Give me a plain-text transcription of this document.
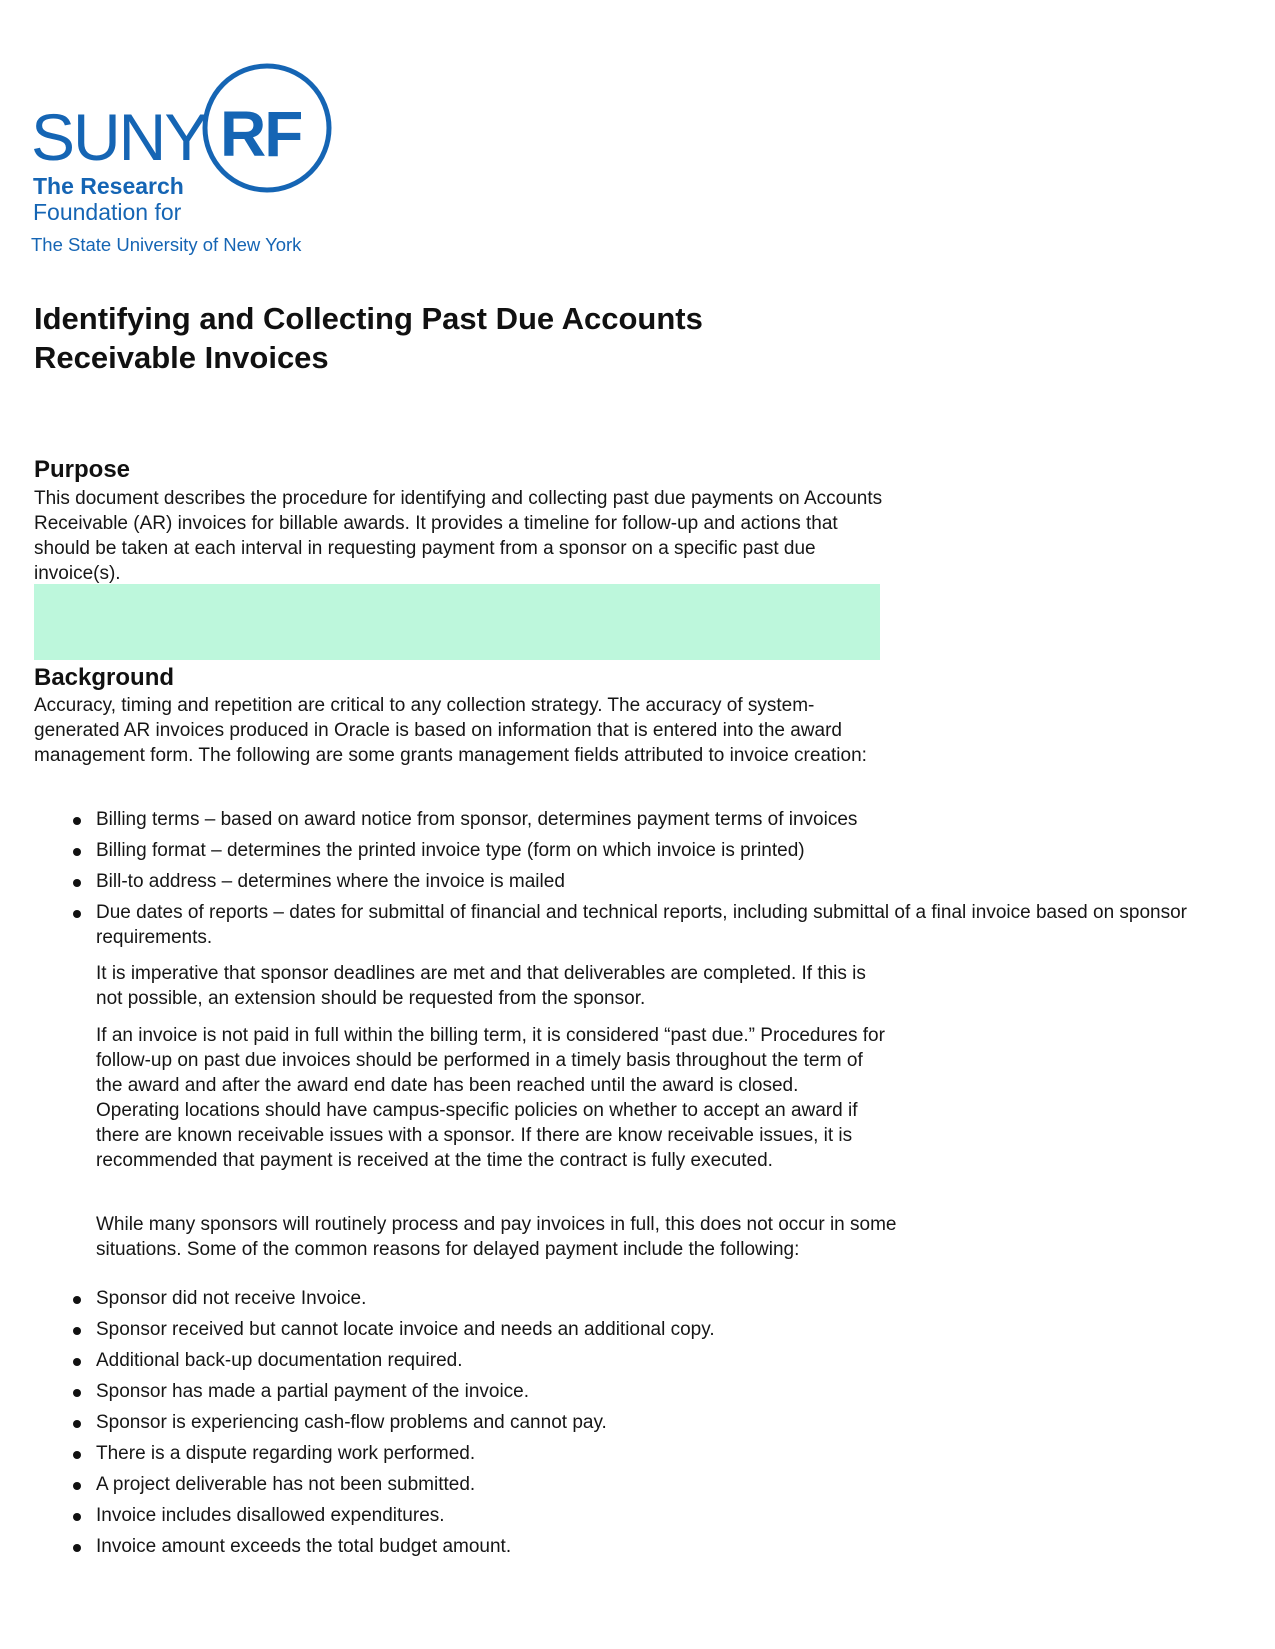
SUNY RF
The Research
Foundation for
The State University of New York
Identifying and Collecting Past Due Accounts Receivable Invoices
Purpose

This document describes the procedure for identifying and collecting past due payments on Accounts Receivable (AR) invoices for billable awards. It provides a timeline for follow-up and actions that should be taken at each interval in requesting payment from a sponsor on a specific past due invoice(s).

Background

Accuracy, timing and repetition are critical to any collection strategy. The accuracy of system-generated AR invoices produced in Oracle is based on information that is entered into the award management form. The following are some grants management fields attributed to invoice creation:

Billing terms – based on award notice from sponsor, determines payment terms of invoices
Billing format – determines the printed invoice type (form on which invoice is printed)
Bill-to address – determines where the invoice is mailed
Due dates of reports – dates for submittal of financial and technical reports, including submittal of a final invoice based on sponsor requirements.

It is imperative that sponsor deadlines are met and that deliverables are completed. If this is not possible, an extension should be requested from the sponsor.

If an invoice is not paid in full within the billing term, it is considered “past due.” Procedures for follow-up on past due invoices should be performed in a timely basis throughout the term of the award and after the award end date has been reached until the award is closed. Operating locations should have campus-specific policies on whether to accept an award if there are known receivable issues with a sponsor. If there are know receivable issues, it is recommended that payment is received at the time the contract is fully executed.

While many sponsors will routinely process and pay invoices in full, this does not occur in some situations. Some of the common reasons for delayed payment include the following:

Sponsor did not receive Invoice.
Sponsor received but cannot locate invoice and needs an additional copy.
Additional back-up documentation required.
Sponsor has made a partial payment of the invoice.
Sponsor is experiencing cash-flow problems and cannot pay.
There is a dispute regarding work performed.
A project deliverable has not been submitted.
Invoice includes disallowed expenditures.
Invoice amount exceeds the total budget amount.
